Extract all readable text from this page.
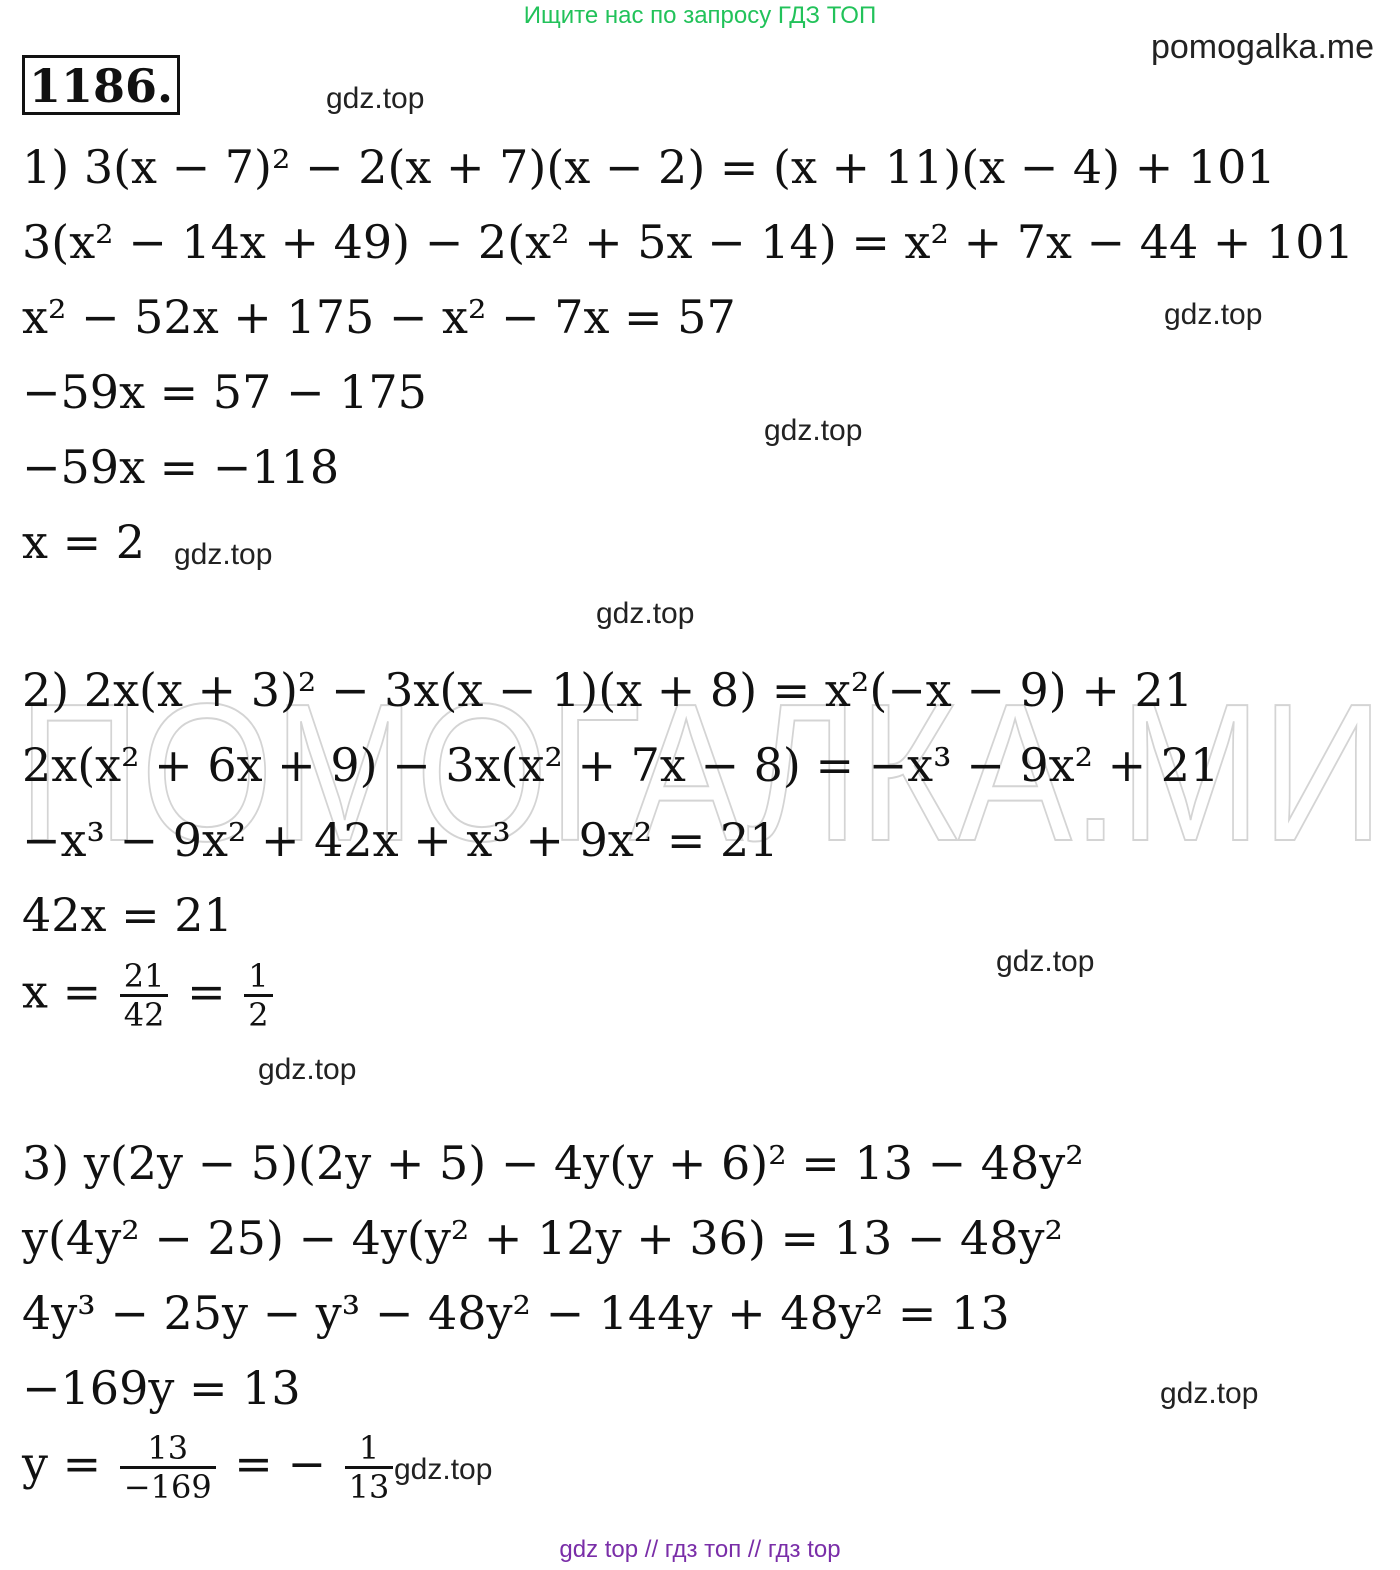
ПОМОГАЛКА.МИ
Ищите нас по запросу ГДЗ ТОП
pomogalka.me
1186.	gdz.top
gdz.top
gdz.top
gdz.top
gdz.top
gdz.top
gdz.top
gdz.top
gdz.top
1) 3(x − 7)² − 2(x + 7)(x − 2) = (x + 11)(x − 4) + 101
3(x² − 14x + 49) − 2(x² + 5x − 14) = x² + 7x − 44 + 101
x² − 52x + 175 − x² − 7x = 57
−59x = 57 − 175
−59x = −118
x = 2
2) 2x(x + 3)² − 3x(x − 1)(x + 8) = x²(−x − 9) + 21
2x(x² + 6x + 9) − 3x(x² + 7x − 8) = −x³ − 9x² + 21
−x³ − 9x² + 42x + x³ + 9x² = 21
42x = 21
$x = \frac{21}{42} = \frac{1}{2}$
3) y(2y − 5)(2y + 5) − 4y(y + 6)² = 13 − 48y²
y(4y² − 25) − 4y(y² + 12y + 36) = 13 − 48y²
4y³ − 25y − y³ − 48y² − 144y + 48y² = 13
−169y = 13
$y = \frac{13}{-169}$ = − $\frac{1}{13}$
gdz top // гдз топ // гдз top
